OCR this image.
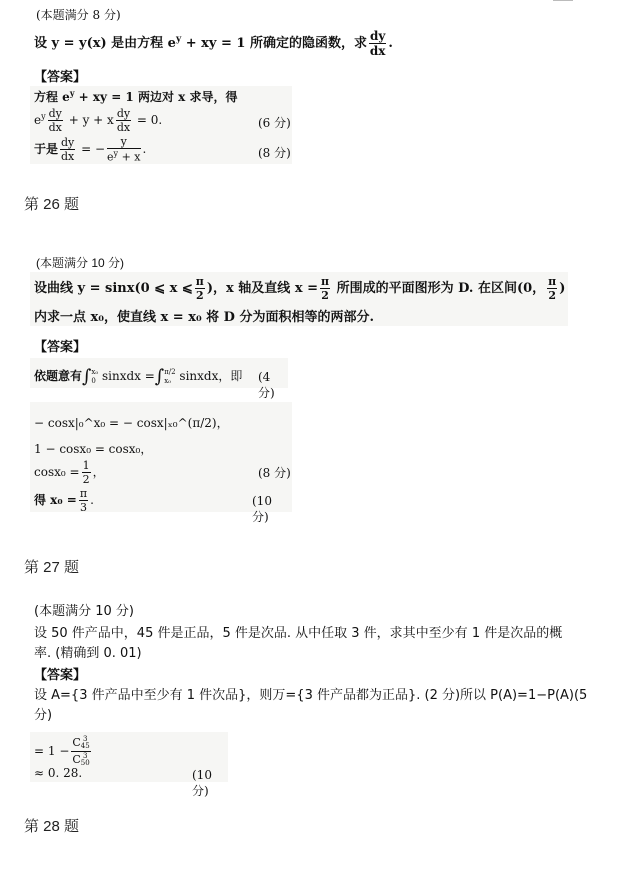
(本题满分 8 分)
设 y = y(x) 是由方程 $e^y$ + xy = 1 所确定的隐函数，求 $\frac{dy}{dx}$ .
【答案】
方程 $e^y$ + xy = 1 两边对 x 求导，得
$e^y \frac{dy}{dx} + y + x \frac{dy}{dx} = 0$.	(6 分)
于是 $\frac{dy}{dx}$ = − $\frac{y}{e^y + x}$ .	(8 分)
第 26 题
(本题满分 10 分)
设曲线 y = sinx(0 ⩽ x ⩽ $\frac{\pi}{2}$ )，x 轴及直线 $x = \frac{\pi}{2}$ 所围成的平面图形为 D. 在区间(0， $\frac{\pi}{2}$ )
内求一点 x₀，使直线 x = x₀ 将 D 分为面积相等的两部分.
【答案】
依题意有∫ x₀
0 sinxdx =∫ π/2
x₀ sinxdx，即 (4 分)
− cosx|₀^x₀ = − cosx|ₓ₀^(π/2)，
1 − cosx₀ = cosx₀，
$\cos x_0 = \frac{1}{2}$ ，	(8 分)
得 $x_0 = \frac{\pi}{3}$ .	(10 分)
第 27 题
(本题满分 10 分)
设 50 件产品中，45 件是正品，5 件是次品. 从中任取 3 件，求其中至少有 1 件是次品的概
率. (精确到 0. 01)
【答案】
设 A={3 件产品中至少有 1 件次品}，则万={3 件产品都为正品}. (2 分)所以 P(A)=1−P(A)(5
分)
= 1 − C 3
45
C 3
50
≈ 0. 28.	(10 分)
第 28 题
